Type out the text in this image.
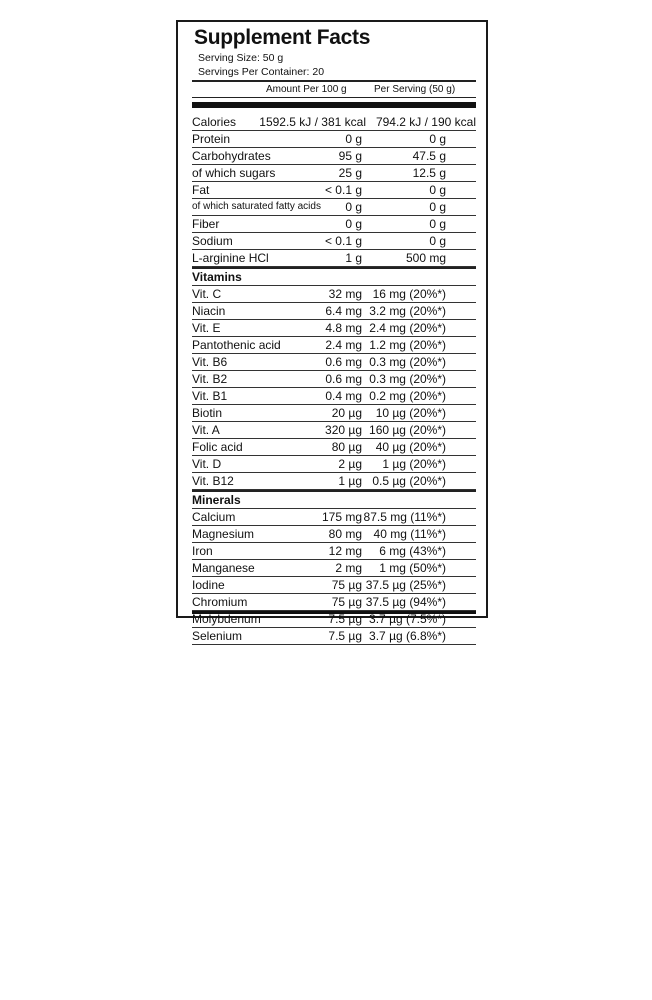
Supplement Facts
Serving Size: 50 g
Servings Per Container: 20
Amount Per 100 g	Per Serving (50 g)
Calories 1592.5 kJ / 381 kcal 794.2 kJ / 190 kcal
Protein	0 g	0 g
Carbohydrates	95 g	47.5 g
of which sugars	25 g	12.5 g
Fat	< 0.1 g	0 g
of which saturated fatty acids 0 g	0 g
Fiber	0 g	0 g
Sodium	< 0.1 g	0 g
L-arginine HCl	1 g	500 mg
Vitamins
Vit. C	32 mg 16 mg (20%*)
Niacin	6.4 mg 3.2 mg (20%*)
Vit. E	4.8 mg 2.4 mg (20%*)
Pantothenic acid	2.4 mg 1.2 mg (20%*)
Vit. B6	0.6 mg 0.3 mg (20%*)
Vit. B2	0.6 mg 0.3 mg (20%*)
Vit. B1	0.4 mg 0.2 mg (20%*)
Biotin	20 µg 10 µg (20%*)
Vit. A	320 µg 160 µg (20%*)
Folic acid	80 µg 40 µg (20%*)
Vit. D	2 µg 1 µg (20%*)
Vit. B12	1 µg 0.5 µg (20%*)
Minerals
Calcium	175 mg 87.5 mg (11%*)
Magnesium	80 mg 40 mg (11%*)
Iron	12 mg 6 mg (43%*)
Manganese	2 mg 1 mg (50%*)
Iodine	75 µg 37.5 µg (25%*)
Chromium	75 µg 37.5 µg (94%*)
Molybdenum	7.5 µg 3.7 µg (7.5%*)
Selenium	7.5 µg 3.7 µg (6.8%*)
